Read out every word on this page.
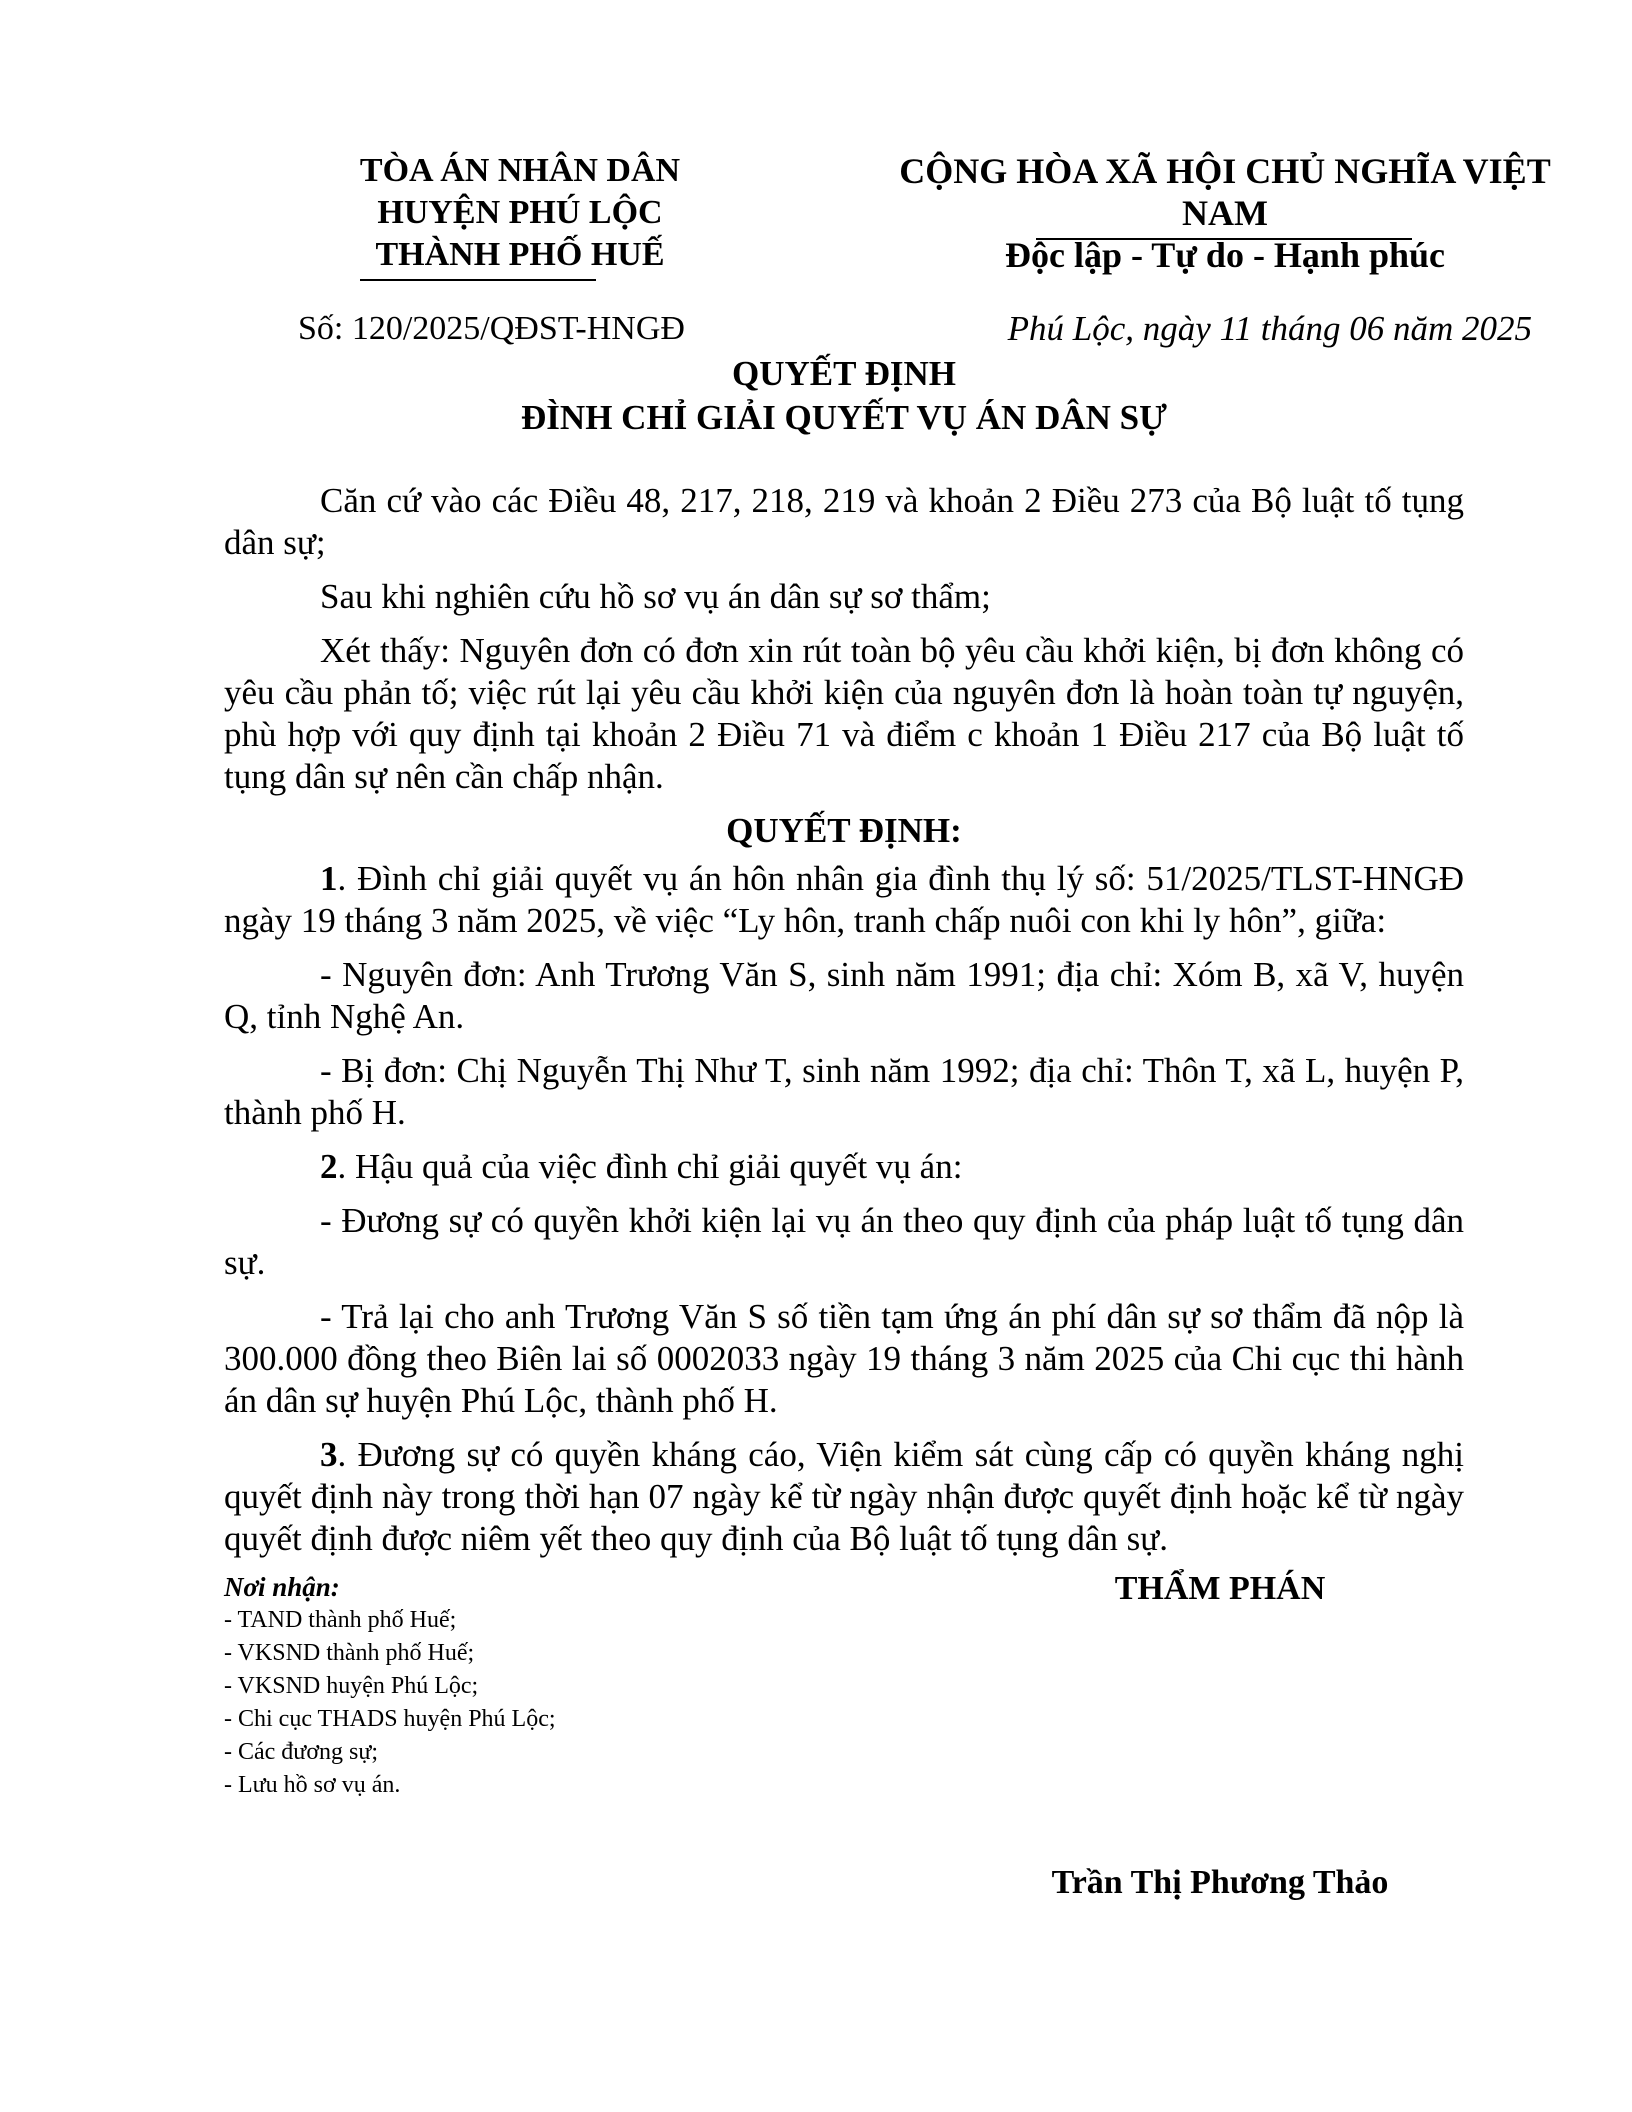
TÒA ÁN NHÂN DÂN
HUYỆN PHÚ LỘC
THÀNH PHỐ HUẾ
CỘNG HÒA XÃ HỘI CHỦ NGHĨA VIỆT NAM
Độc lập - Tự do - Hạnh phúc
Số: 120/2025/QĐST-HNGĐ	Phú Lộc, ngày 11 tháng 06 năm 2025
QUYẾT ĐỊNH
ĐÌNH CHỈ GIẢI QUYẾT VỤ ÁN DÂN SỰ

Căn cứ vào các Điều 48, 217, 218, 219 và khoản 2 Điều 273 của Bộ luật tố tụng dân sự;

Sau khi nghiên cứu hồ sơ vụ án dân sự sơ thẩm;

Xét thấy: Nguyên đơn có đơn xin rút toàn bộ yêu cầu khởi kiện, bị đơn không có yêu cầu phản tố; việc rút lại yêu cầu khởi kiện của nguyên đơn là hoàn toàn tự nguyện, phù hợp với quy định tại khoản 2 Điều 71 và điểm c khoản 1 Điều 217 của Bộ luật tố tụng dân sự nên cần chấp nhận.

QUYẾT ĐỊNH:

1. Đình chỉ giải quyết vụ án hôn nhân gia đình thụ lý số: 51/2025/TLST-HNGĐ ngày 19 tháng 3 năm 2025, về việc “Ly hôn, tranh chấp nuôi con khi ly hôn”, giữa:

- Nguyên đơn: Anh Trương Văn S, sinh năm 1991; địa chỉ: Xóm B, xã V, huyện Q, tỉnh Nghệ An.

- Bị đơn: Chị Nguyễn Thị Như T, sinh năm 1992; địa chỉ: Thôn T, xã L, huyện P, thành phố H.

2. Hậu quả của việc đình chỉ giải quyết vụ án:

- Đương sự có quyền khởi kiện lại vụ án theo quy định của pháp luật tố tụng dân sự.

- Trả lại cho anh Trương Văn S số tiền tạm ứng án phí dân sự sơ thẩm đã nộp là 300.000 đồng theo Biên lai số 0002033 ngày 19 tháng 3 năm 2025 của Chi cục thi hành án dân sự huyện Phú Lộc, thành phố H.

3. Đương sự có quyền kháng cáo, Viện kiểm sát cùng cấp có quyền kháng nghị quyết định này trong thời hạn 07 ngày kể từ ngày nhận được quyết định hoặc kể từ ngày quyết định được niêm yết theo quy định của Bộ luật tố tụng dân sự.

Nơi nhận:
- TAND thành phố Huế;
- VKSND thành phố Huế;
- VKSND huyện Phú Lộc;
- Chi cục THADS huyện Phú Lộc;
- Các đương sự;
- Lưu hồ sơ vụ án.
THẨM PHÁN
Trần Thị Phương Thảo
